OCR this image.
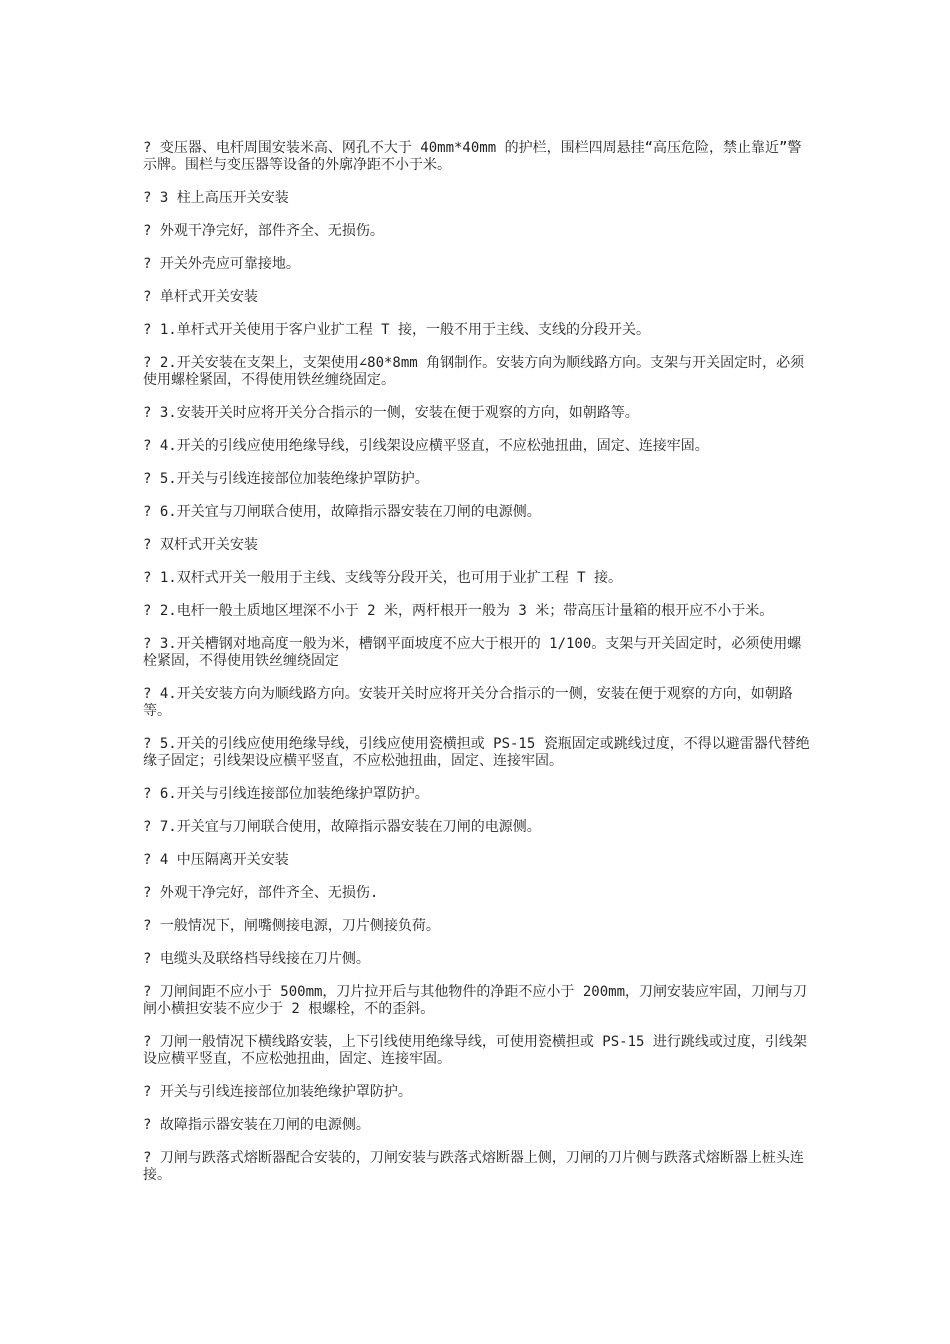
? 变压器、电杆周围安装米高、网孔不大于 40mm*40mm 的护栏，围栏四周悬挂“高压危险，禁止靠近”警示牌。围栏与变压器等设备的外廓净距不小于米。

? 3 柱上高压开关安装

? 外观干净完好，部件齐全、无损伤。

? 开关外壳应可靠接地。

? 单杆式开关安装

? 1.单杆式开关使用于客户业扩工程 T 接，一般不用于主线、支线的分段开关。

? 2.开关安装在支架上，支架使用∠80*8mm 角钢制作。安装方向为顺线路方向。支架与开关固定时，必须使用螺栓紧固，不得使用铁丝缠绕固定。

? 3.安装开关时应将开关分合指示的一侧，安装在便于观察的方向，如朝路等。

? 4.开关的引线应使用绝缘导线，引线架设应横平竖直，不应松弛扭曲，固定、连接牢固。

? 5.开关与引线连接部位加装绝缘护罩防护。

? 6.开关宜与刀闸联合使用，故障指示器安装在刀闸的电源侧。

? 双杆式开关安装

? 1.双杆式开关一般用于主线、支线等分段开关，也可用于业扩工程 T 接。

? 2.电杆一般土质地区埋深不小于 2 米，两杆根开一般为 3 米；带高压计量箱的根开应不小于米。

? 3.开关槽钢对地高度一般为米，槽钢平面坡度不应大于根开的 1/100。支架与开关固定时，必须使用螺栓紧固，不得使用铁丝缠绕固定

? 4.开关安装方向为顺线路方向。安装开关时应将开关分合指示的一侧，安装在便于观察的方向，如朝路等。

? 5.开关的引线应使用绝缘导线，引线应使用瓷横担或 PS-15 瓷瓶固定或跳线过度，不得以避雷器代替绝缘子固定；引线架设应横平竖直，不应松弛扭曲，固定、连接牢固。

? 6.开关与引线连接部位加装绝缘护罩防护。

? 7.开关宜与刀闸联合使用，故障指示器安装在刀闸的电源侧。

? 4 中压隔离开关安装

? 外观干净完好，部件齐全、无损伤.

? 一般情况下，闸嘴侧接电源，刀片侧接负荷。

? 电缆头及联络档导线接在刀片侧。

? 刀闸间距不应小于 500mm，刀片拉开后与其他物件的净距不应小于 200mm，刀闸安装应牢固，刀闸与刀闸小横担安装不应少于 2 根螺栓，不的歪斜。

? 刀闸一般情况下横线路安装，上下引线使用绝缘导线，可使用瓷横担或 PS-15 进行跳线或过度，引线架设应横平竖直，不应松弛扭曲，固定、连接牢固。

? 开关与引线连接部位加装绝缘护罩防护。

? 故障指示器安装在刀闸的电源侧。

? 刀闸与跌落式熔断器配合安装的，刀闸安装与跌落式熔断器上侧，刀闸的刀片侧与跌落式熔断器上桩头连接。
